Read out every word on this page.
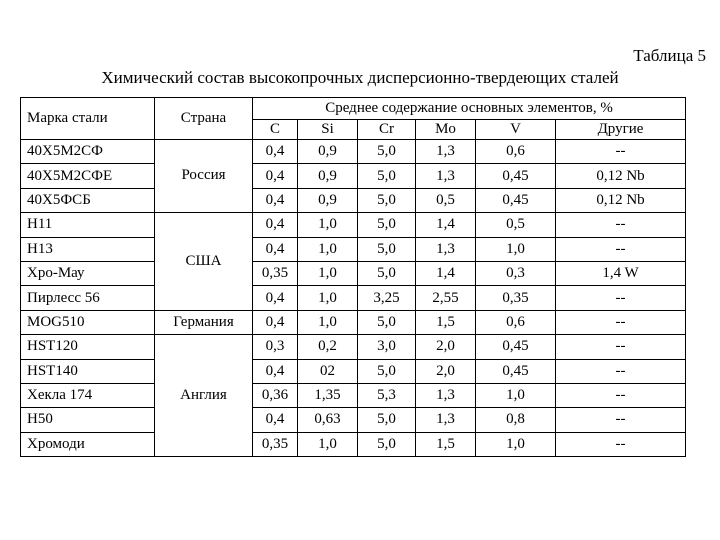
Таблица 5
Химический состав высокопрочных дисперсионно-твердеющих сталей
Марка стали	Страна	Среднее содержание основных элементов, %					
		C	Si	Cr	Mo	V	Другие
40Х5М2СФ		0,4	0,9	5,0	1,3	0,6	--
40Х5М2СФЕ	Россия	0,4	0,9	5,0	1,3	0,45	0,12 Nb
40Х5ФСБ		0,4	0,9	5,0	0,5	0,45	0,12 Nb
H11	США	0,4	1,0	5,0	1,4	0,5	--
H13		0,4	1,0	5,0	1,3	1,0	--
Хро-Мау		0,35	1,0	5,0	1,4	0,3	1,4 W
Пирлесс 56		0,4	1,0	3,25	2,55	0,35	--
MOG510	Германия	0,4	1,0	5,0	1,5	0,6	--
HST120	Англия	0,3	0,2	3,0	2,0	0,45	--
HST140		0,4	02	5,0	2,0	0,45	--
Хекла 174		0,36	1,35	5,3	1,3	1,0	--
H50		0,4	0,63	5,0	1,3	0,8	--
Хромоди		0,35	1,0	5,0	1,5	1,0	--
